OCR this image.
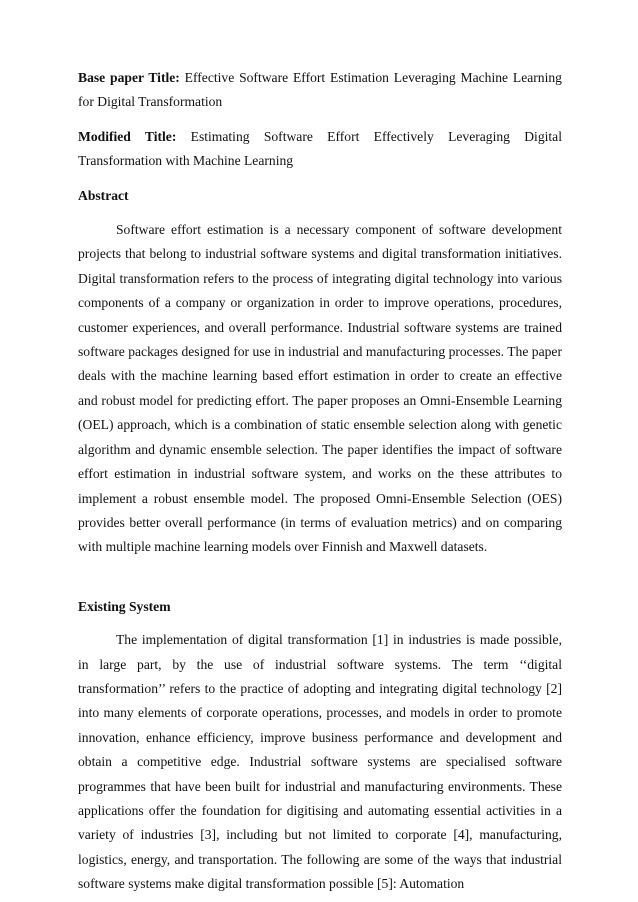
Base paper Title: Effective Software Effort Estimation Leveraging Machine Learning for Digital Transformation

Modified Title: Estimating Software Effort Effectively Leveraging Digital Transformation with Machine Learning

Abstract

Software effort estimation is a necessary component of software development projects that belong to industrial software systems and digital transformation initiatives. Digital transformation refers to the process of integrating digital technology into various components of a company or organization in order to improve operations, procedures, customer experiences, and overall performance. Industrial software systems are trained software packages designed for use in industrial and manufacturing processes. The paper deals with the machine learning based effort estimation in order to create an effective and robust model for predicting effort. The paper proposes an Omni-Ensemble Learning (OEL) approach, which is a combination of static ensemble selection along with genetic algorithm and dynamic ensemble selection. The paper identifies the impact of software effort estimation in industrial software system, and works on the these attributes to implement a robust ensemble model. The proposed Omni-Ensemble Selection (OES) provides better overall performance (in terms of evaluation metrics) and on comparing with multiple machine learning models over Finnish and Maxwell datasets.

Existing System

The implementation of digital transformation [1] in industries is made possible, in large part, by the use of industrial software systems. The term ‘‘digital transformation’’ refers to the practice of adopting and integrating digital technology [2] into many elements of corporate operations, processes, and models in order to promote innovation, enhance efficiency, improve business performance and development and obtain a competitive edge. Industrial software systems are specialised software programmes that have been built for industrial and manufacturing environments. These applications offer the foundation for digitising and automating essential activities in a variety of industries [3], including but not limited to corporate [4], manufacturing, logistics, energy, and transportation. The following are some of the ways that industrial software systems make digital transformation possible [5]: Automation
